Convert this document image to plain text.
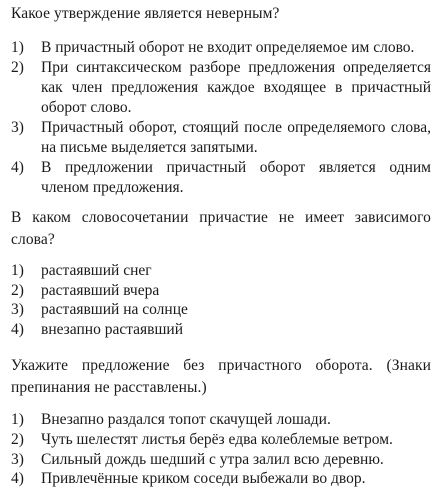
Какое утверждение является неверным?

1)	В причастный оборот не входит определяемое им слово.
2)	При синтаксическом разборе предложения определяется как член предложения каждое входящее в причастный оборот слово.
3)	Причастный оборот, стоящий после определяемого слова, на письме выделяется запятыми.
4)	В предложении причастный оборот является одним членом предложения.

В каком словосочетании причастие не имеет зависимого слова?

1)	растаявший снег
2)	растаявший вчера
3)	растаявший на солнце
4)	внезапно растаявший

Укажите предложение без причастного оборота. (Знаки препинания не расставлены.)

1)	Внезапно раздался топот скачущей лошади.
2)	Чуть шелестят листья берёз едва колеблемые ветром.
3)	Сильный дождь шедший с утра залил всю деревню.
4)	Привлечённые криком соседи выбежали во двор.
